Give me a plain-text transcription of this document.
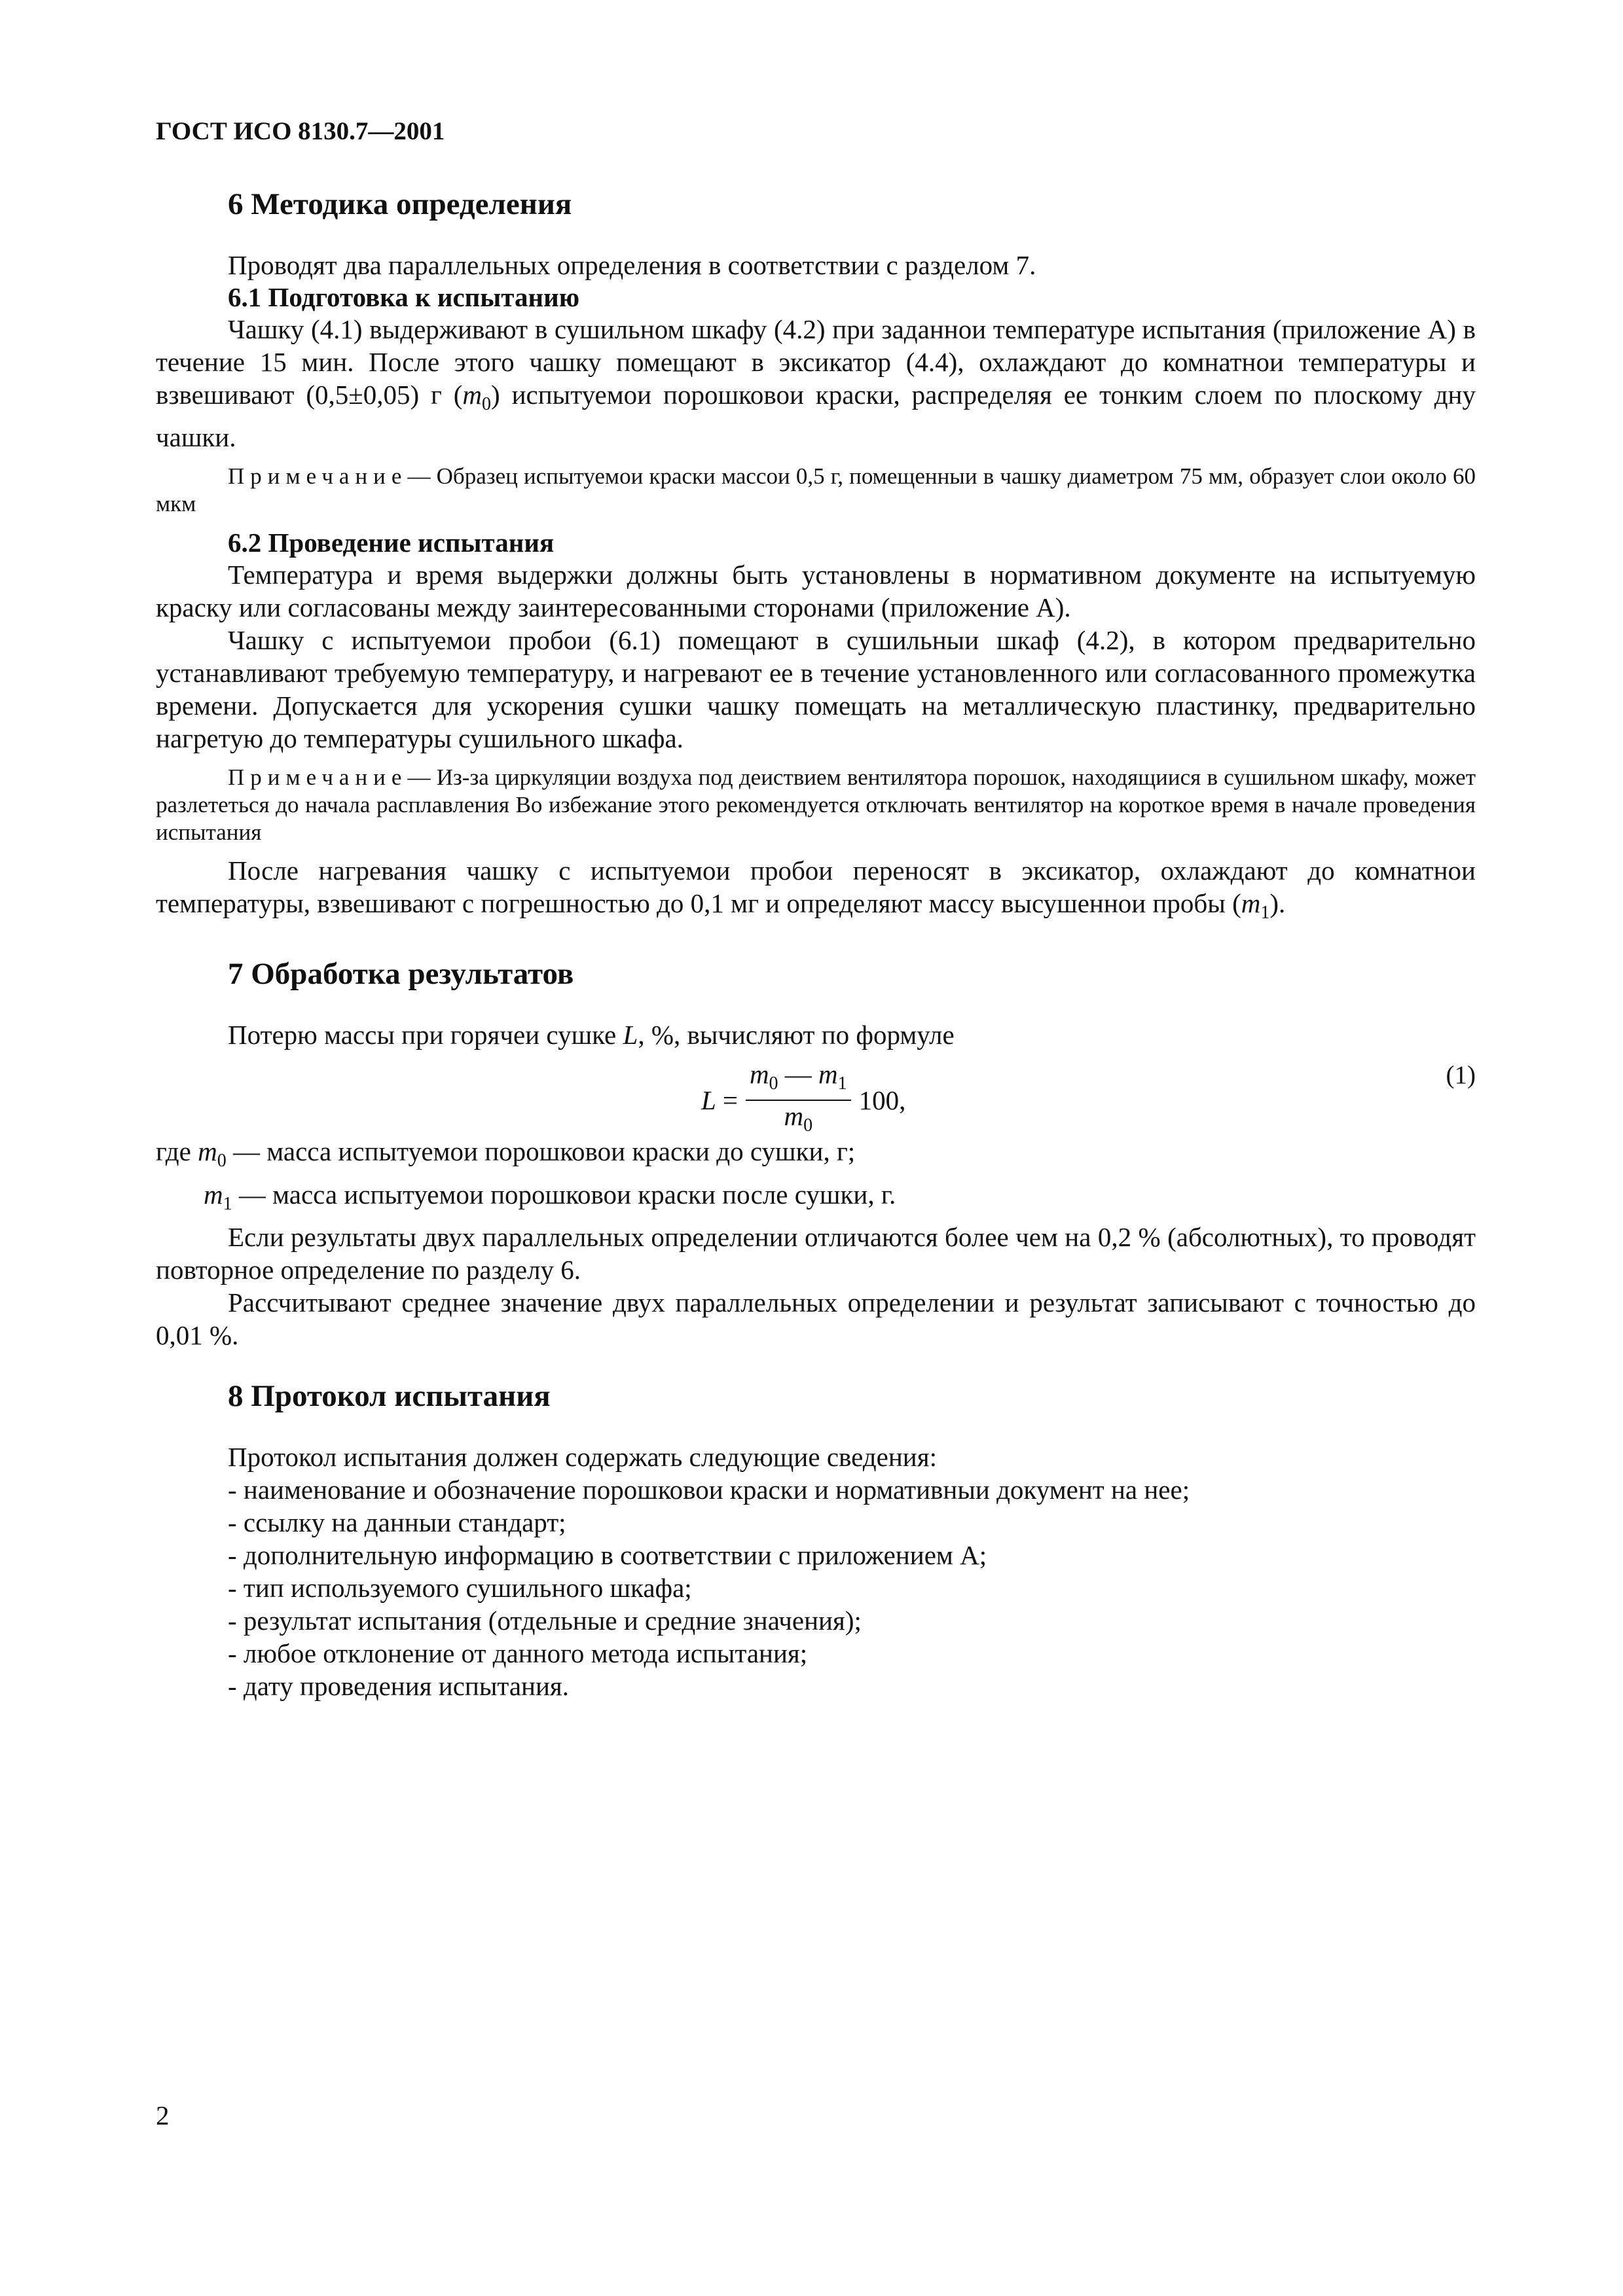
ГОСТ ИСО 8130.7—2001
6 Методика определения

Проводят два параллельных определения в соответствии с разделом 7.

6.1 Подготовка к испытанию

Чашку (4.1) выдерживают в сушильном шкафу (4.2) при заданнои температуре испытания (приложение А) в течение 15 мин. После этого чашку помещают в эксикатор (4.4), охлаждают до комнатнои температуры и взвешивают (0,5±0,05) г $(m_0)$ испытуемои порошковои краски, распределяя ее тонким слоем по плоскому дну чашки.

Примечание— Образец испытуемои краски массои 0,5 г, помещенныи в чашку диаметром 75 мм, образует слои около 60 мкм

6.2 Проведение испытания

Температура и время выдержки должны быть установлены в нормативном документе на испытуемую краску или согласованы между заинтересованными сторонами (приложение А).

Чашку с испытуемои пробои (6.1) помещают в сушильныи шкаф (4.2), в котором предварительно устанавливают требуемую температуру, и нагревают ее в течение установленного или согласованного промежутка времени. Допускается для ускорения сушки чашку помещать на металлическую пластинку, предварительно нагретую до температуры сушильного шкафа.

Примечание— Из-за циркуляции воздуха под деиствием вентилятора порошок, находящиися в сушильном шкафу, может разлететься до начала расплавления Во избежание этого рекомендуется отключать вентилятор на короткое время в начале проведения испытания

После нагревания чашку с испытуемои пробои переносят в эксикатор, охлаждают до комнатнои температуры, взвешивают с погрешностью до 0,1 мг и определяют массу высушеннои пробы $(m_1)$.

7 Обработка результатов

Потерю массы при горячеи сушке L, %, вычисляют по формуле

$L = \frac{m_0 — m_1}{m_0} 100$,
(1)

где $m_0$ — масса испытуемои порошковои краски до сушки, г;

$m_1$ — масса испытуемои порошковои краски после сушки, г.

Если результаты двух параллельных определении отличаются более чем на 0,2 % (абсолютных), то проводят повторное определение по разделу 6.

Рассчитывают среднее значение двух параллельных определении и результат записывают с точностью до 0,01 %.

8 Протокол испытания

Протокол испытания должен содержать следующие сведения:

- наименование и обозначение порошковои краски и нормативныи документ на нее;

- ссылку на данныи стандарт;

- дополнительную информацию в соответствии с приложением А;

- тип используемого сушильного шкафа;

- результат испытания (отдельные и средние значения);

- любое отклонение от данного метода испытания;

- дату проведения испытания.

2
